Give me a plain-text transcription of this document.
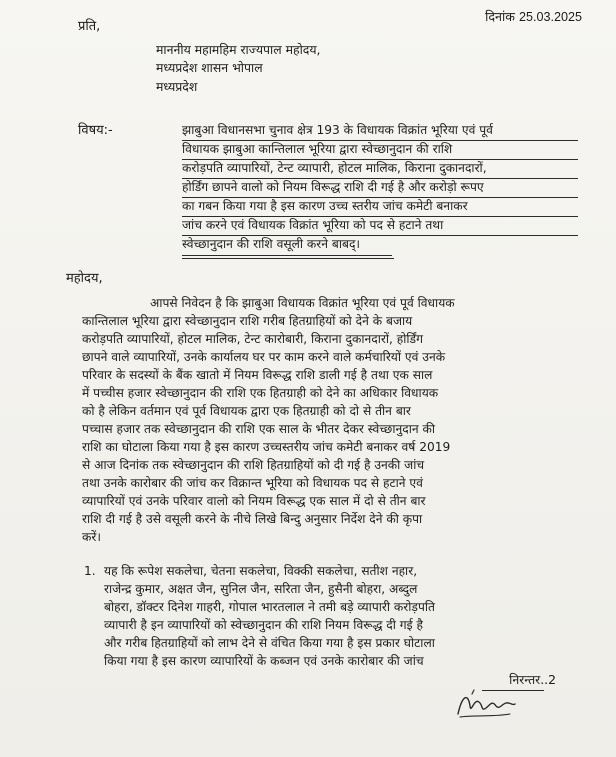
प्रति,
दिनांक 25.03.2025
माननीय महामहिम राज्यपाल महोदय,
मध्यप्रदेश शासन भोपाल
मध्यप्रदेश
विषय:-	झाबुआ विधानसभा चुनाव क्षेत्र 193 के विधायक विक्रांत भूरिया एवं पूर्व
विधायक झाबुआ कान्तिलाल भूरिया द्वारा स्वेच्छानुदान की राशि
करोड़पति व्यापारियों, टेन्ट व्यापारी, होटल मालिक, किराना दुकानदारों,
होर्डिंग छापने वालो को नियम विरूद्ध राशि दी गई है और करोड़ो रूपए
का गबन किया गया है इस कारण उच्च स्तरीय जांच कमेटी बनाकर
जांच करने एवं विधायक विक्रांत भूरिया को पद से हटाने तथा
स्वेच्छानुदान की राशि वसूली करने बाबद्।
महोदय,
आपसे निवेदन है कि झाबुआ विधायक विक्रांत भूरिया एवं पूर्व विधायक
कान्तिलाल भूरिया द्वारा स्वेच्छानुदान राशि गरीब हितग्राहियों को देने के बजाय
करोड़पति व्यापारियों, होटल मालिक, टेन्ट कारोबारी, किराना दुकानदारों, होर्डिंग
छापने वाले व्यापारियों, उनके कार्यालय घर पर काम करने वाले कर्मचारियों एवं उनके
परिवार के सदस्यों के बैंक खातो में नियम विरूद्ध राशि डाली गई है तथा एक साल
में पच्चीस हजार स्वेच्छानुदान की राशि एक हितग्राही को देने का अधिकार विधायक
को है लेकिन वर्तमान एवं पूर्व विधायक द्वारा एक हितग्राही को दो से तीन बार
पच्चास हजार तक स्वेच्छानुदान की राशि एक साल के भीतर देकर स्वेच्छानुदान की
राशि का घोटाला किया गया है इस कारण उच्चस्तरीय जांच कमेटी बनाकर वर्ष 2019
से आज दिनांक तक स्वेच्छानुदान की राशि हितग्राहियों को दी गई है उनकी जांच
तथा उनके कारोबार की जांच कर विक्रान्त भूरिया को विधायक पद से हटाने एवं
व्यापारियों एवं उनके परिवार वालो को नियम विरूद्ध एक साल में दो से तीन बार
राशि दी गई है उसे वसूली करने के नीचे लिखे बिन्दु अनुसार निर्देश देने की कृपा
करें।
1. यह कि रूपेश सकलेचा, चेतना सकलेचा, विक्की सकलेचा, सतीश नहार,
राजेन्द्र कुमार, अक्षत जैन, सुनिल जैन, सरिता जैन, हुसैनी बोहरा, अब्दुल
बोहरा, डॉक्टर दिनेश गाहरी, गोपाल भारतलाल ने तमी बड़े व्यापारी करोड़पति
व्यापारी है इन व्यापारियों को स्वेच्छानुदान की राशि नियम विरूद्ध दी गई है
और गरीब हितग्राहियों को लाभ देने से वंचित किया गया है इस प्रकार घोटाला
किया गया है इस कारण व्यापारियों के कब्जन एवं उनके कारोबार की जांच
निरन्तर..2
